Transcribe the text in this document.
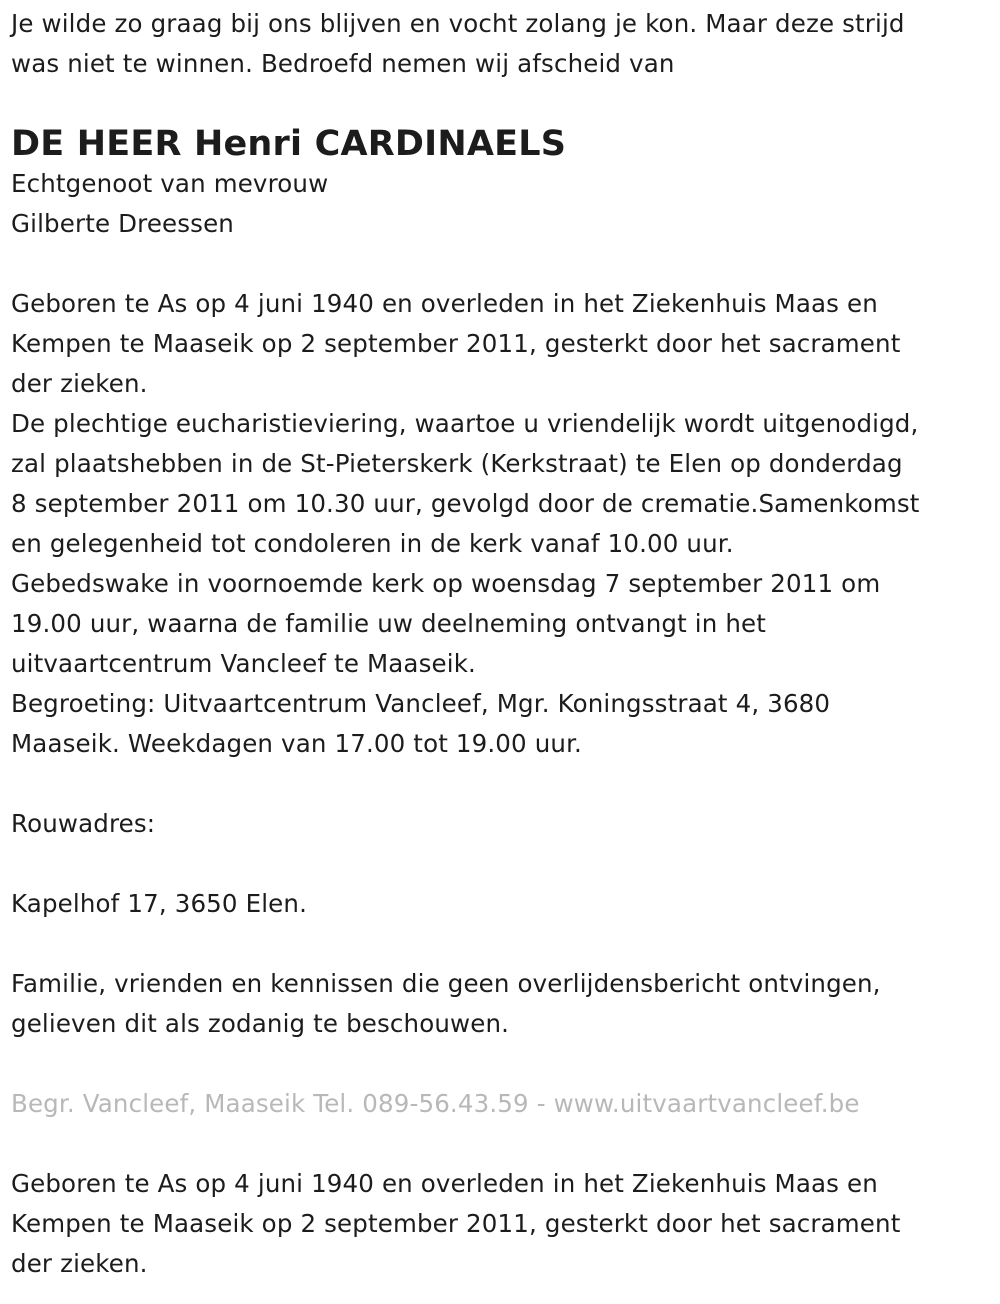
Je wilde zo graag bij ons blijven en vocht zolang je kon. Maar deze strijd

was niet te winnen. Bedroefd nemen wij afscheid van

DE HEER Henri CARDINAELS

Echtgenoot van mevrouw

Gilberte Dreessen

Geboren te As op 4 juni 1940 en overleden in het Ziekenhuis Maas en

Kempen te Maaseik op 2 september 2011, gesterkt door het sacrament

der zieken.

De plechtige eucharistieviering, waartoe u vriendelijk wordt uitgenodigd,

zal plaatshebben in de St-Pieterskerk (Kerkstraat) te Elen op donderdag

8 september 2011 om 10.30 uur, gevolgd door de crematie.Samenkomst

en gelegenheid tot condoleren in de kerk vanaf 10.00 uur.

Gebedswake in voornoemde kerk op woensdag 7 september 2011 om

19.00 uur, waarna de familie uw deelneming ontvangt in het

uitvaartcentrum Vancleef te Maaseik.

Begroeting: Uitvaartcentrum Vancleef, Mgr. Koningsstraat 4, 3680

Maaseik. Weekdagen van 17.00 tot 19.00 uur.

Rouwadres:

Kapelhof 17, 3650 Elen.

Familie, vrienden en kennissen die geen overlijdensbericht ontvingen,

gelieven dit als zodanig te beschouwen.

Begr. Vancleef, Maaseik Tel. 089-56.43.59 - www.uitvaartvancleef.be

Geboren te As op 4 juni 1940 en overleden in het Ziekenhuis Maas en

Kempen te Maaseik op 2 september 2011, gesterkt door het sacrament

der zieken.
